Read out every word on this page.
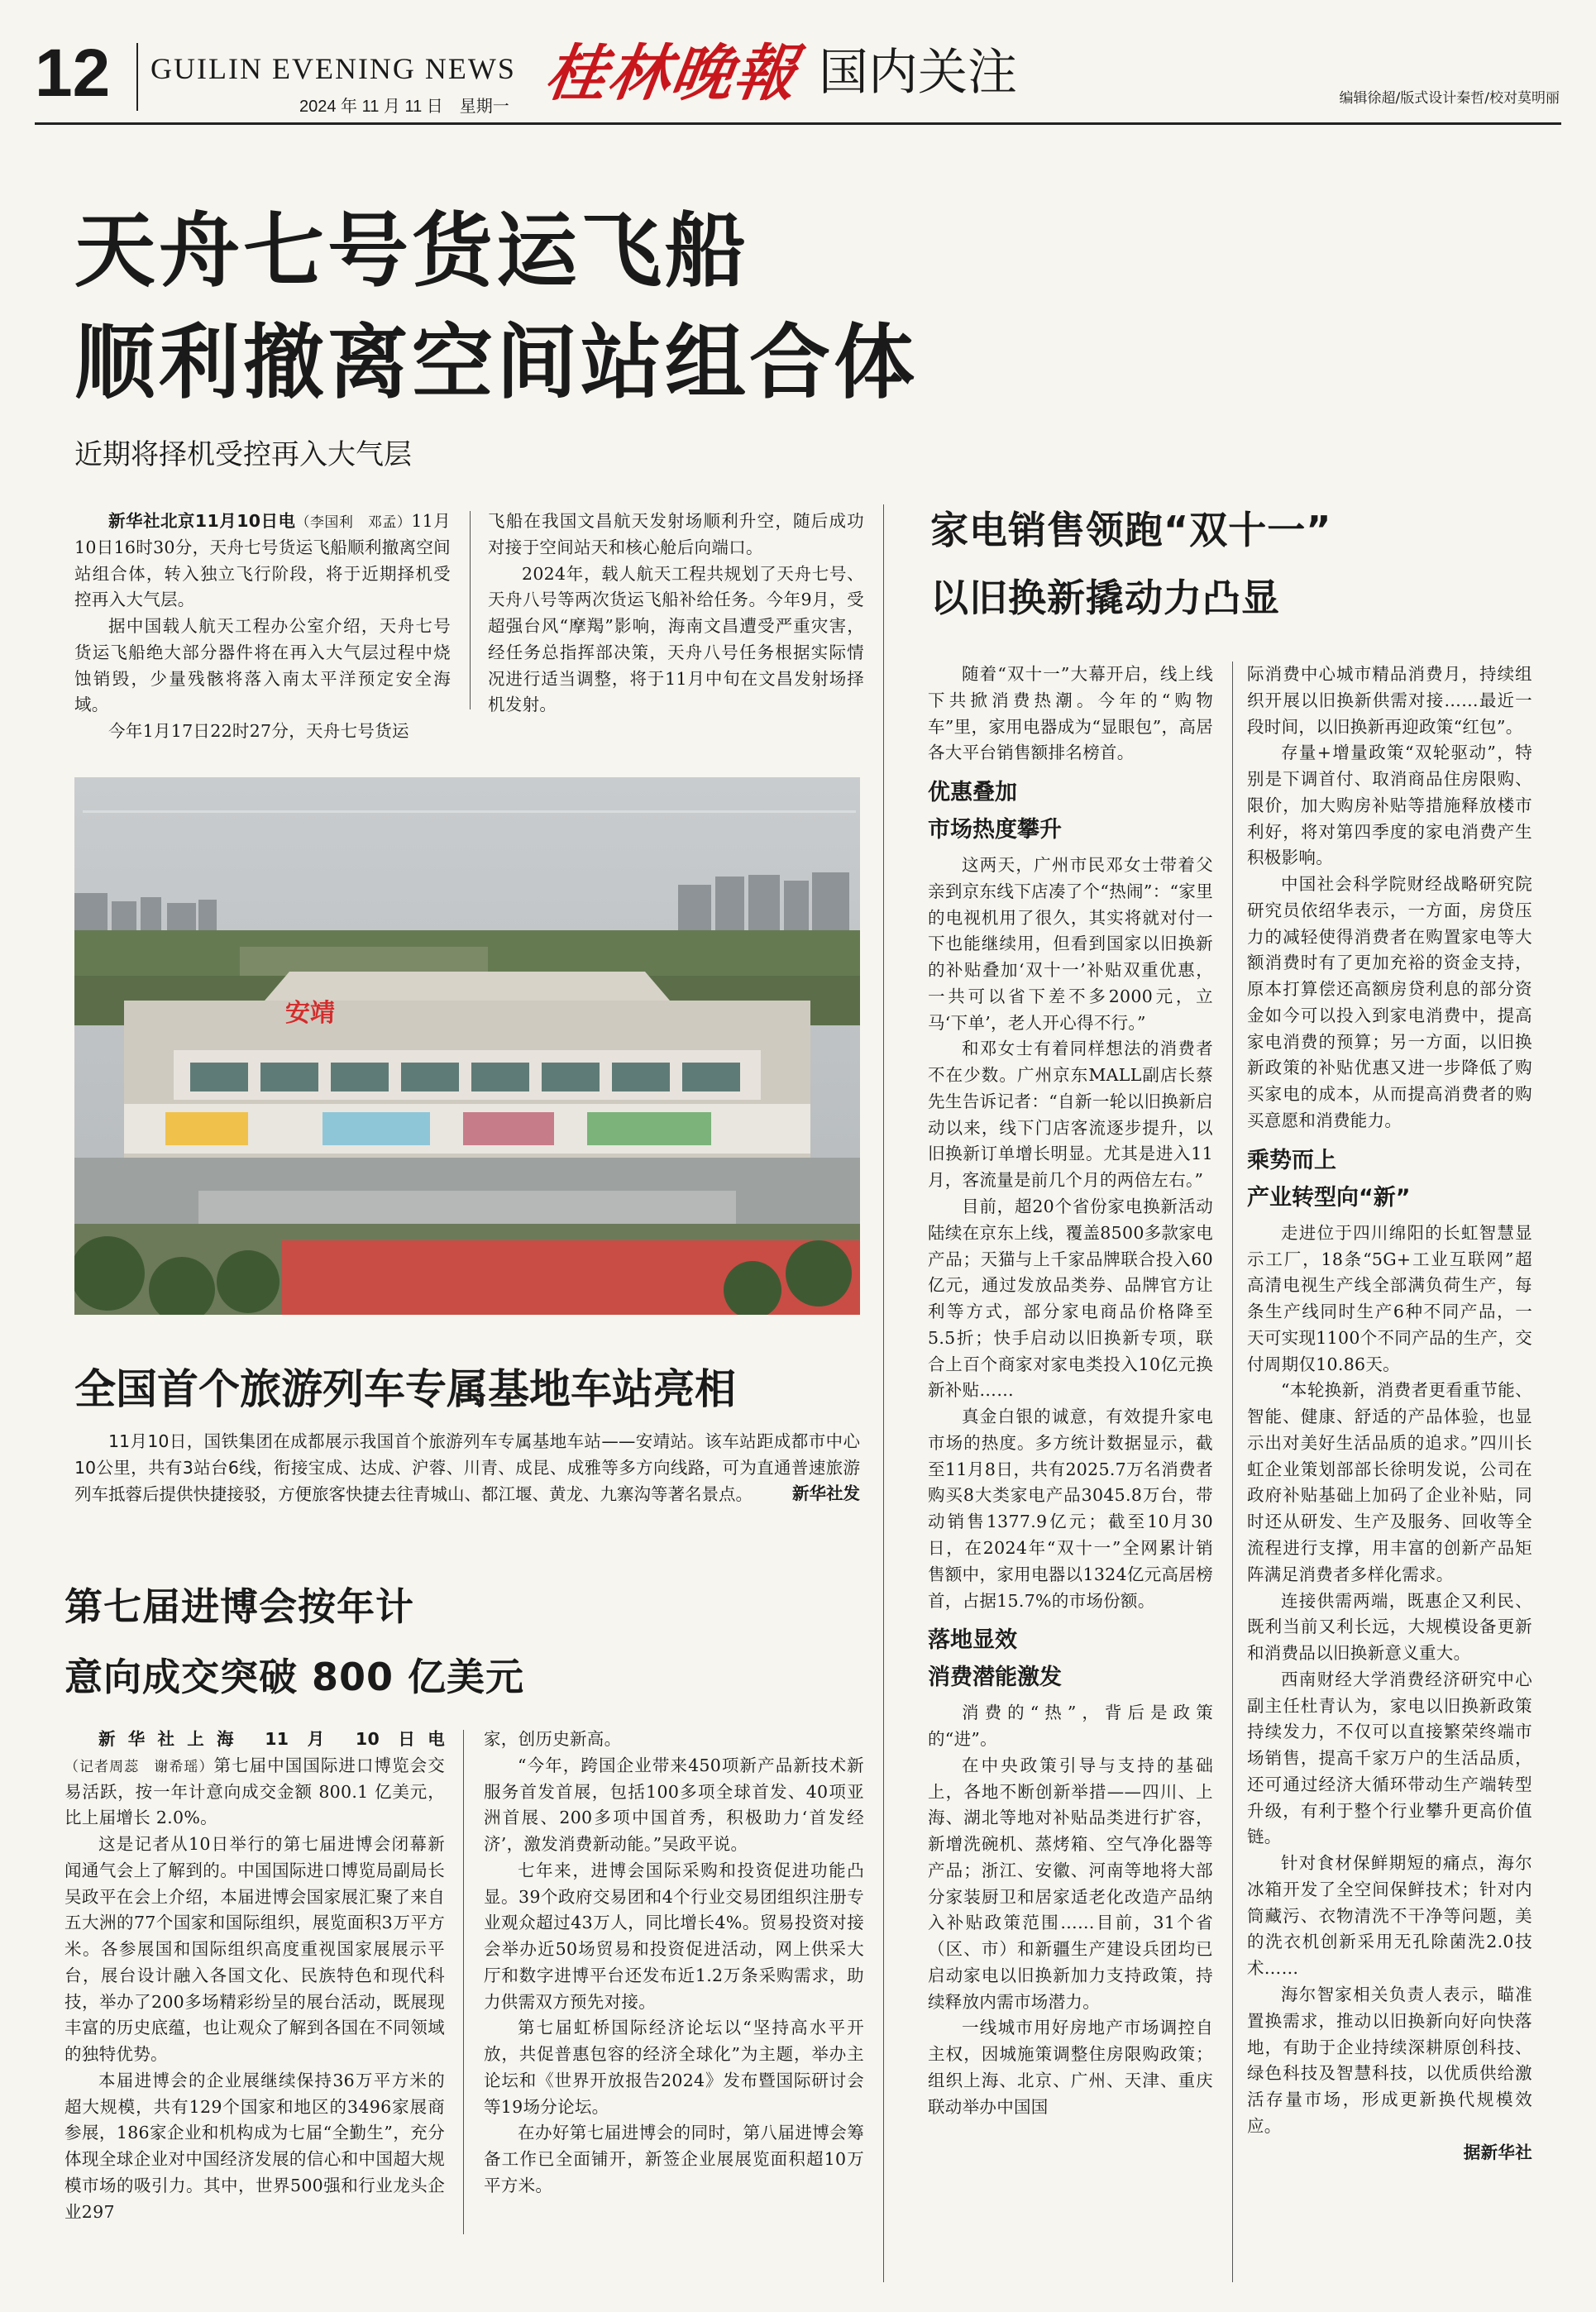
12 GUILIN EVENING NEWS
2024 年 11 月 11 日　星期一 桂林晚報 国内关注	编辑徐超/版式设计秦哲/校对莫明丽
天舟七号货运飞船
顺利撤离空间站组合体
近期将择机受控再入大气层

新华社北京11月10日电（李国利　邓孟）11月10日16时30分，天舟七号货运飞船顺利撤离空间站组合体，转入独立飞行阶段，将于近期择机受控再入大气层。

据中国载人航天工程办公室介绍，天舟七号货运飞船绝大部分器件将在再入大气层过程中烧蚀销毁，少量残骸将落入南太平洋预定安全海域。

今年1月17日22时27分，天舟七号货运

飞船在我国文昌航天发射场顺利升空，随后成功对接于空间站天和核心舱后向端口。

2024年，载人航天工程共规划了天舟七号、天舟八号等两次货运飞船补给任务。今年9月，受超强台风“摩羯”影响，海南文昌遭受严重灾害，经任务总指挥部决策，天舟八号任务根据实际情况进行适当调整，将于11月中旬在文昌发射场择机发射。

安靖
全国首个旅游列车专属基地车站亮相
11月10日，国铁集团在成都展示我国首个旅游列车专属基地车站——安靖站。该车站距成都市中心10公里，共有3站台6线，衔接宝成、达成、沪蓉、川青、成昆、成雅等多方向线路，可为直通普速旅游列车抵蓉后提供快捷接驳，方便旅客快捷去往青城山、都江堰、黄龙、九寨沟等著名景点。	新华社发
第七届进博会按年计
意向成交突破 800 亿美元

新华社上海 11 月 10 日电（记者周蕊　谢希瑶）第七届中国国际进口博览会交易活跃，按一年计意向成交金额 800.1 亿美元，比上届增长 2.0%。

这是记者从10日举行的第七届进博会闭幕新闻通气会上了解到的。中国国际进口博览局副局长吴政平在会上介绍，本届进博会国家展汇聚了来自五大洲的77个国家和国际组织，展览面积3万平方米。各参展国和国际组织高度重视国家展展示平台，展台设计融入各国文化、民族特色和现代科技，举办了200多场精彩纷呈的展台活动，既展现丰富的历史底蕴，也让观众了解到各国在不同领域的独特优势。

本届进博会的企业展继续保持36万平方米的超大规模，共有129个国家和地区的3496家展商参展，186家企业和机构成为七届“全勤生”，充分体现全球企业对中国经济发展的信心和中国超大规模市场的吸引力。其中，世界500强和行业龙头企业297

家，创历史新高。

“今年，跨国企业带来450项新产品新技术新服务首发首展，包括100多项全球首发、40项亚洲首展、200多项中国首秀，积极助力‘首发经济’，激发消费新动能。”吴政平说。

七年来，进博会国际采购和投资促进功能凸显。39个政府交易团和4个行业交易团组织注册专业观众超过43万人，同比增长4%。贸易投资对接会举办近50场贸易和投资促进活动，网上供采大厅和数字进博平台还发布近1.2万条采购需求，助力供需双方预先对接。

第七届虹桥国际经济论坛以“坚持高水平开放，共促普惠包容的经济全球化”为主题，举办主论坛和《世界开放报告2024》发布暨国际研讨会等19场分论坛。

在办好第七届进博会的同时，第八届进博会筹备工作已全面铺开，新签企业展展览面积超10万平方米。

家电销售领跑“双十一”
以旧换新撬动力凸显

随着“双十一”大幕开启，线上线下共掀消费热潮。今年的“购物车”里，家用电器成为“显眼包”，高居各大平台销售额排名榜首。

优惠叠加
市场热度攀升

这两天，广州市民邓女士带着父亲到京东线下店凑了个“热闹”：“家里的电视机用了很久，其实将就对付一下也能继续用，但看到国家以旧换新的补贴叠加‘双十一’补贴双重优惠，一共可以省下差不多2000元，立马‘下单’，老人开心得不行。”

和邓女士有着同样想法的消费者不在少数。广州京东MALL副店长蔡先生告诉记者：“自新一轮以旧换新启动以来，线下门店客流逐步提升，以旧换新订单增长明显。尤其是进入11月，客流量是前几个月的两倍左右。”

目前，超20个省份家电换新活动陆续在京东上线，覆盖8500多款家电产品；天猫与上千家品牌联合投入60亿元，通过发放品类券、品牌官方让利等方式，部分家电商品价格降至5.5折；快手启动以旧换新专项，联合上百个商家对家电类投入10亿元换新补贴……

真金白银的诚意，有效提升家电市场的热度。多方统计数据显示，截至11月8日，共有2025.7万名消费者购买8大类家电产品3045.8万台，带动销售1377.9亿元；截至10月30日，在2024年“双十一”全网累计销售额中，家用电器以1324亿元高居榜首，占据15.7%的市场份额。

落地显效
消费潜能激发

消费的“热”，背后是政策的“进”。

在中央政策引导与支持的基础上，各地不断创新举措——四川、上海、湖北等地对补贴品类进行扩容，新增洗碗机、蒸烤箱、空气净化器等产品；浙江、安徽、河南等地将大部分家装厨卫和居家适老化改造产品纳入补贴政策范围……目前，31个省（区、市）和新疆生产建设兵团均已启动家电以旧换新加力支持政策，持续释放内需市场潜力。

一线城市用好房地产市场调控自主权，因城施策调整住房限购政策；组织上海、北京、广州、天津、重庆联动举办中国国

际消费中心城市精品消费月，持续组织开展以旧换新供需对接……最近一段时间，以旧换新再迎政策“红包”。

存量+增量政策“双轮驱动”，特别是下调首付、取消商品住房限购、限价，加大购房补贴等措施释放楼市利好，将对第四季度的家电消费产生积极影响。

中国社会科学院财经战略研究院研究员依绍华表示，一方面，房贷压力的减轻使得消费者在购置家电等大额消费时有了更加充裕的资金支持，原本打算偿还高额房贷利息的部分资金如今可以投入到家电消费中，提高家电消费的预算；另一方面，以旧换新政策的补贴优惠又进一步降低了购买家电的成本，从而提高消费者的购买意愿和消费能力。

乘势而上
产业转型向“新”

走进位于四川绵阳的长虹智慧显示工厂，18条“5G+工业互联网”超高清电视生产线全部满负荷生产，每条生产线同时生产6种不同产品，一天可实现1100个不同产品的生产，交付周期仅10.86天。

“本轮换新，消费者更看重节能、智能、健康、舒适的产品体验，也显示出对美好生活品质的追求。”四川长虹企业策划部部长徐明发说，公司在政府补贴基础上加码了企业补贴，同时还从研发、生产及服务、回收等全流程进行支撑，用丰富的创新产品矩阵满足消费者多样化需求。

连接供需两端，既惠企又利民、既利当前又利长远，大规模设备更新和消费品以旧换新意义重大。

西南财经大学消费经济研究中心副主任杜青认为，家电以旧换新政策持续发力，不仅可以直接繁荣终端市场销售，提高千家万户的生活品质，还可通过经济大循环带动生产端转型升级，有利于整个行业攀升更高价值链。

针对食材保鲜期短的痛点，海尔冰箱开发了全空间保鲜技术；针对内筒藏污、衣物清洗不干净等问题，美的洗衣机创新采用无孔除菌洗2.0技术……

海尔智家相关负责人表示，瞄准置换需求，推动以旧换新向好向快落地，有助于企业持续深耕原创科技、绿色科技及智慧科技，以优质供给激活存量市场，形成更新换代规模效应。

据新华社
